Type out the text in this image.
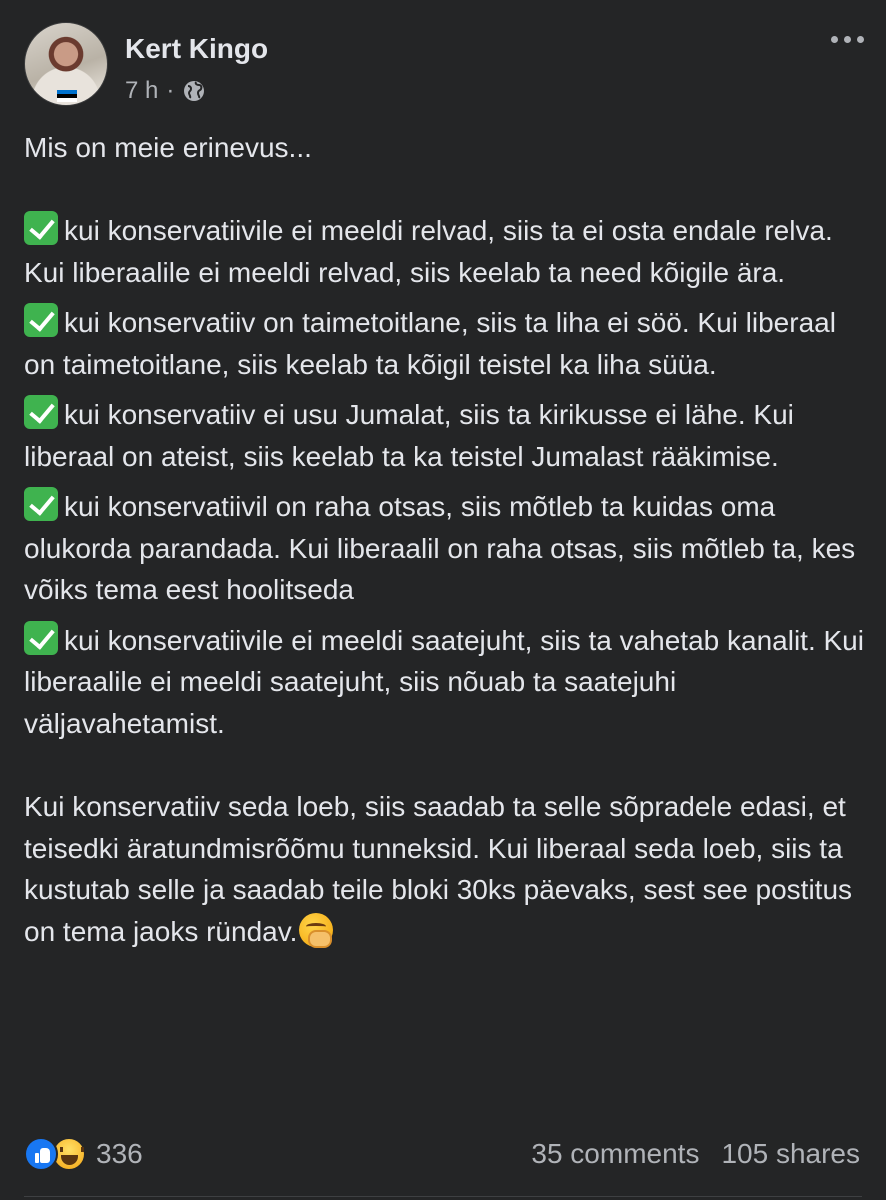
Kert Kingo
7 h ·

Mis on meie erinevus...

kui konservatiivile ei meeldi relvad, siis ta ei osta endale relva. Kui liberaalile ei meeldi relvad, siis keelab ta need kõigile ära.

kui konservatiiv on taimetoitlane, siis ta liha ei söö. Kui liberaal on taimetoitlane, siis keelab ta kõigil teistel ka liha süüa.

kui konservatiiv ei usu Jumalat, siis ta kirikusse ei lähe. Kui liberaal on ateist, siis keelab ta ka teistel Jumalast rääkimise.

kui konservatiivil on raha otsas, siis mõtleb ta kuidas oma olukorda parandada. Kui liberaalil on raha otsas, siis mõtleb ta, kes võiks tema eest hoolitseda

kui konservatiivile ei meeldi saatejuht, siis ta vahetab kanalit. Kui liberaalile ei meeldi saatejuht, siis nõuab ta saatejuhi väljavahetamist.

Kui konservatiiv seda loeb, siis saadab ta selle sõpradele edasi, et teisedki äratundmisrõõmu tunneksid. Kui liberaal seda loeb, siis ta kustutab selle ja saadab teile bloki 30ks päevaks, sest see postitus on tema jaoks ründav.

336	35 comments 105 shares
